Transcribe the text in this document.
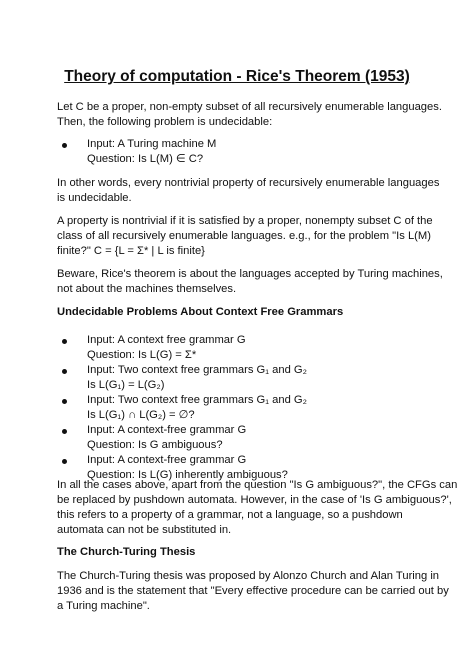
Theory of computation - Rice's Theorem (1953)
Let C be a proper, non-empty subset of all recursively enumerable languages.
Then, the following problem is undecidable:
Input: A Turing machine M
Question: Is L(M) ∈ C?
In other words, every nontrivial property of recursively enumerable languages
is undecidable.
A property is nontrivial if it is satisfied by a proper, nonempty subset C of the
class of all recursively enumerable languages. e.g., for the problem "Is L(M)
finite?" C = {L = Σ* | L is finite}
Beware, Rice's theorem is about the languages accepted by Turing machines,
not about the machines themselves.
Undecidable Problems About Context Free Grammars
Input: A context free grammar G
Question: Is L(G) = Σ*
Input: Two context free grammars G₁ and G₂
Is L(G₁) = L(G₂)
Input: Two context free grammars G₁ and G₂
Is L(G₁) ∩ L(G₂) = ∅?
Input: A context-free grammar G
Question: Is G ambiguous?
Input: A context-free grammar G
Question: Is L(G) inherently ambiguous?
In all the cases above, apart from the question "Is G ambiguous?", the CFGs can
be replaced by pushdown automata. However, in the case of 'Is G ambiguous?',
this refers to a property of a grammar, not a language, so a pushdown
automata can not be substituted in.
The Church-Turing Thesis
The Church-Turing thesis was proposed by Alonzo Church and Alan Turing in
1936 and is the statement that "Every effective procedure can be carried out by
a Turing machine".
